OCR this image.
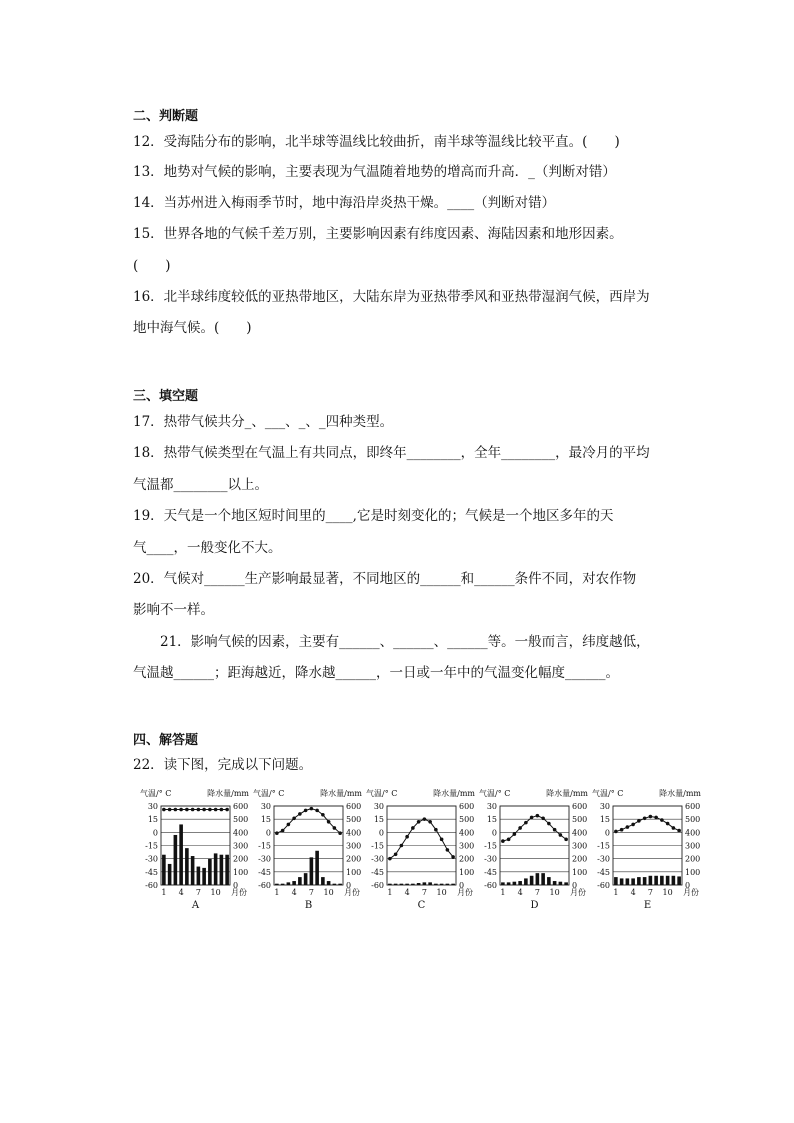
二、判断题
12．受海陆分布的影响，北半球等温线比较曲折，南半球等温线比较平直。(　　)
13．地势对气候的影响，主要表现为气温随着地势的增高而升高．_（判断对错）
14．当苏州进入梅雨季节时，地中海沿岸炎热干燥。____（判断对错）
15．世界各地的气候千差万别，主要影响因素有纬度因素、海陆因素和地形因素。
(　　)
16．北半球纬度较低的亚热带地区，大陆东岸为亚热带季风和亚热带湿润气候，西岸为
地中海气候。(　　)
三、填空题
17．热带气候共分_、___、_、_四种类型。
18．热带气候类型在气温上有共同点，即终年________，全年________，最冷月的平均
气温都________以上。
19．天气是一个地区短时间里的____,它是时刻变化的；气候是一个地区多年的天
气____，一般变化不大。
20．气候对______生产影响最显著，不同地区的______和______条件不同，对农作物
影响不一样。
21．影响气候的因素，主要有______、______、______等。一般而言，纬度越低，
气温越______；距海越近，降水越______，一日或一年中的气温变化幅度______。
四、解答题
22．读下图，完成以下问题。
气温/° C	降水量/mm
30	600
15	500
0	400
-15	300
-30	200
-45	100
-60	0
1 4 7 10 月份
A
气温/° C	降水量/mm
30	600
15	500
0	400
-15	300
-30	200
-45	100
-60	0
1 4 7 10 月份
B
气温/° C	降水量/mm
30	600
15	500
0	400
-15	300
-30	200
-45	100
-60	0
1 4 7 10 月份
C
气温/° C	降水量/mm
30	600
15	500
0	400
-15	300
-30	200
-45	100
-60	0
1 4 7 10 月份
D
气温/° C	降水量/mm
30	600
15	500
0	400
-15	300
-30	200
-45	100
-60	0
1 4 7 10 月份
E
